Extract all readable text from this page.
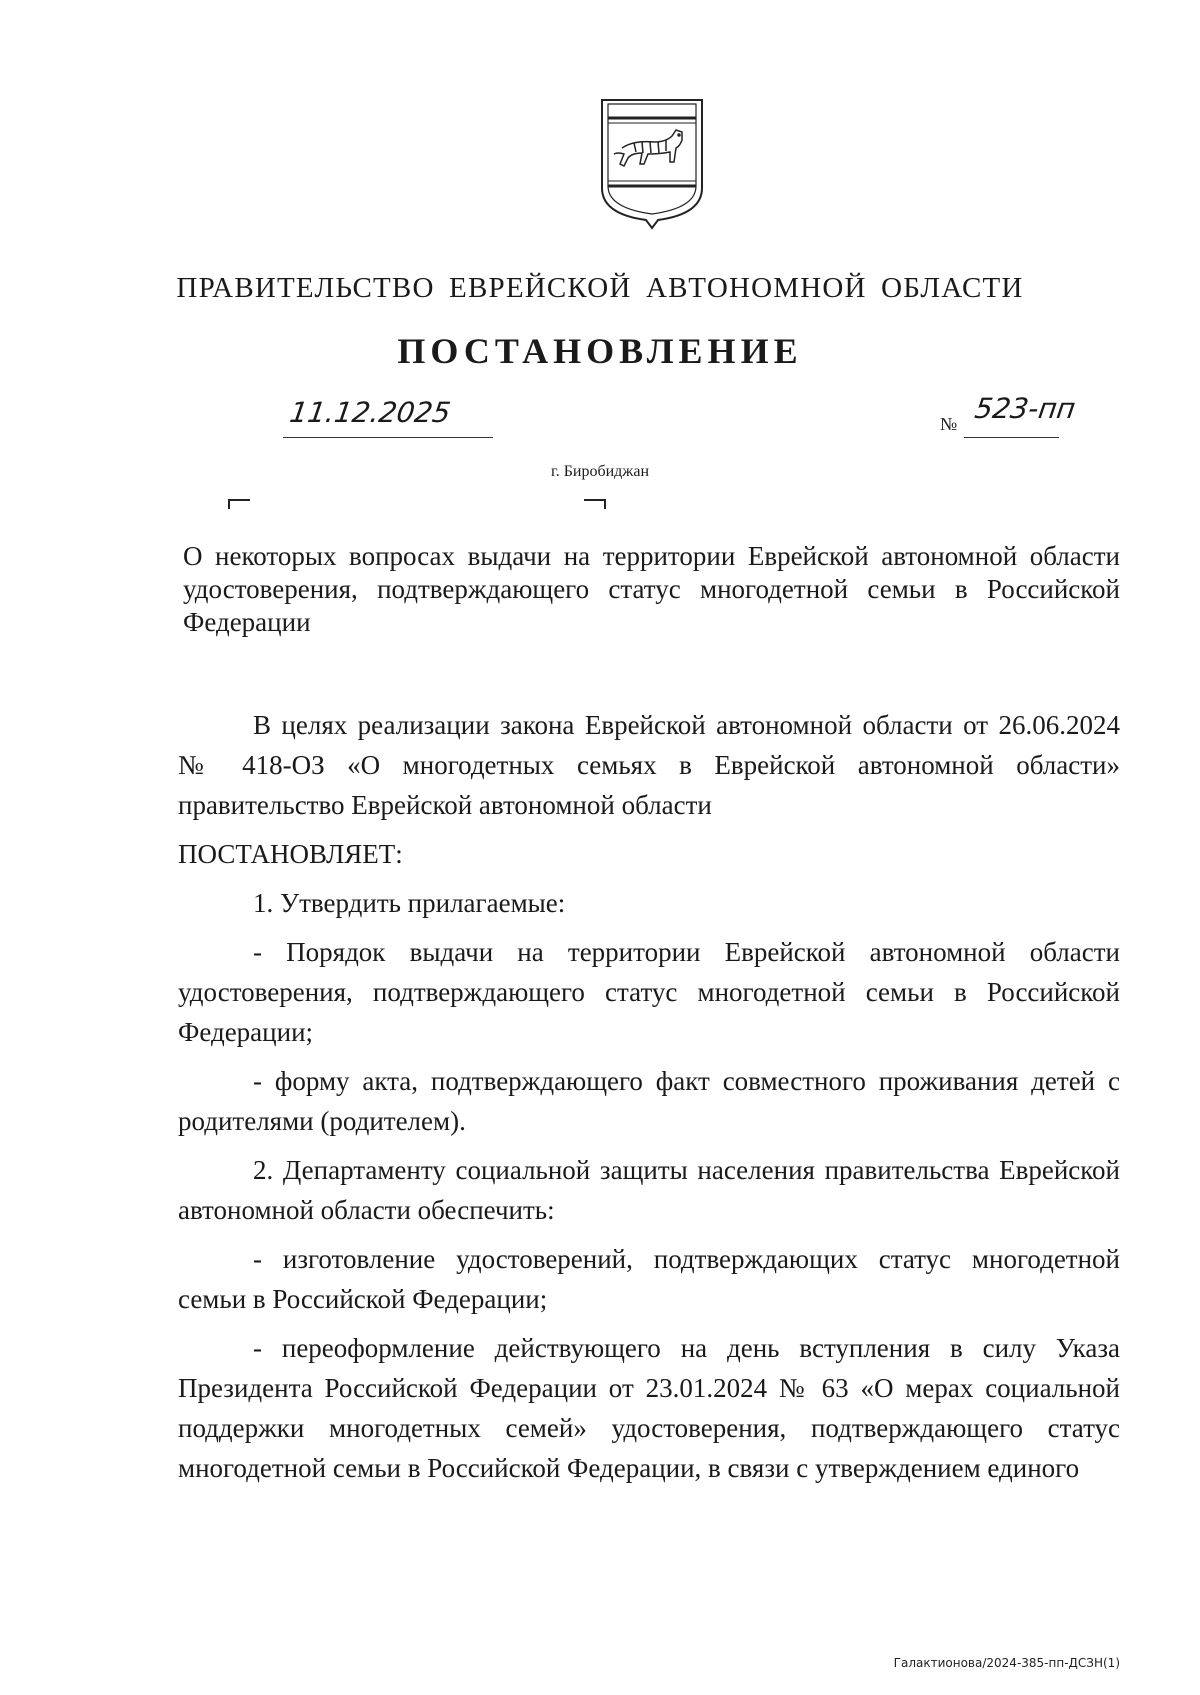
ПРАВИТЕЛЬСТВО ЕВРЕЙСКОЙ АВТОНОМНОЙ ОБЛАСТИ
ПОСТАНОВЛЕНИЕ
11.12.2025	№ 523-пп
г. Биробиджан
О некоторых вопросах выдачи на территории Еврейской автономной области удостоверения, подтверждающего статус многодетной семьи в Российской Федерации

В целях реализации закона Еврейской автономной области от 26.06.2024 № 418-ОЗ «О многодетных семьях в Еврейской автономной области» правительство Еврейской автономной области

ПОСТАНОВЛЯЕТ:

1. Утвердить прилагаемые:

- Порядок выдачи на территории Еврейской автономной области удостоверения, подтверждающего статус многодетной семьи в Российской Федерации;

- форму акта, подтверждающего факт совместного проживания детей с родителями (родителем).

2. Департаменту социальной защиты населения правительства Еврейской автономной области обеспечить:

- изготовление удостоверений, подтверждающих статус многодетной семьи в Российской Федерации;

- переоформление действующего на день вступления в силу Указа Президента Российской Федерации от 23.01.2024 № 63 «О мерах социальной поддержки многодетных семей» удостоверения, подтверждающего статус многодетной семьи в Российской Федерации, в связи с утверждением единого

Галактионова/2024-385-пп-ДСЗН(1)
